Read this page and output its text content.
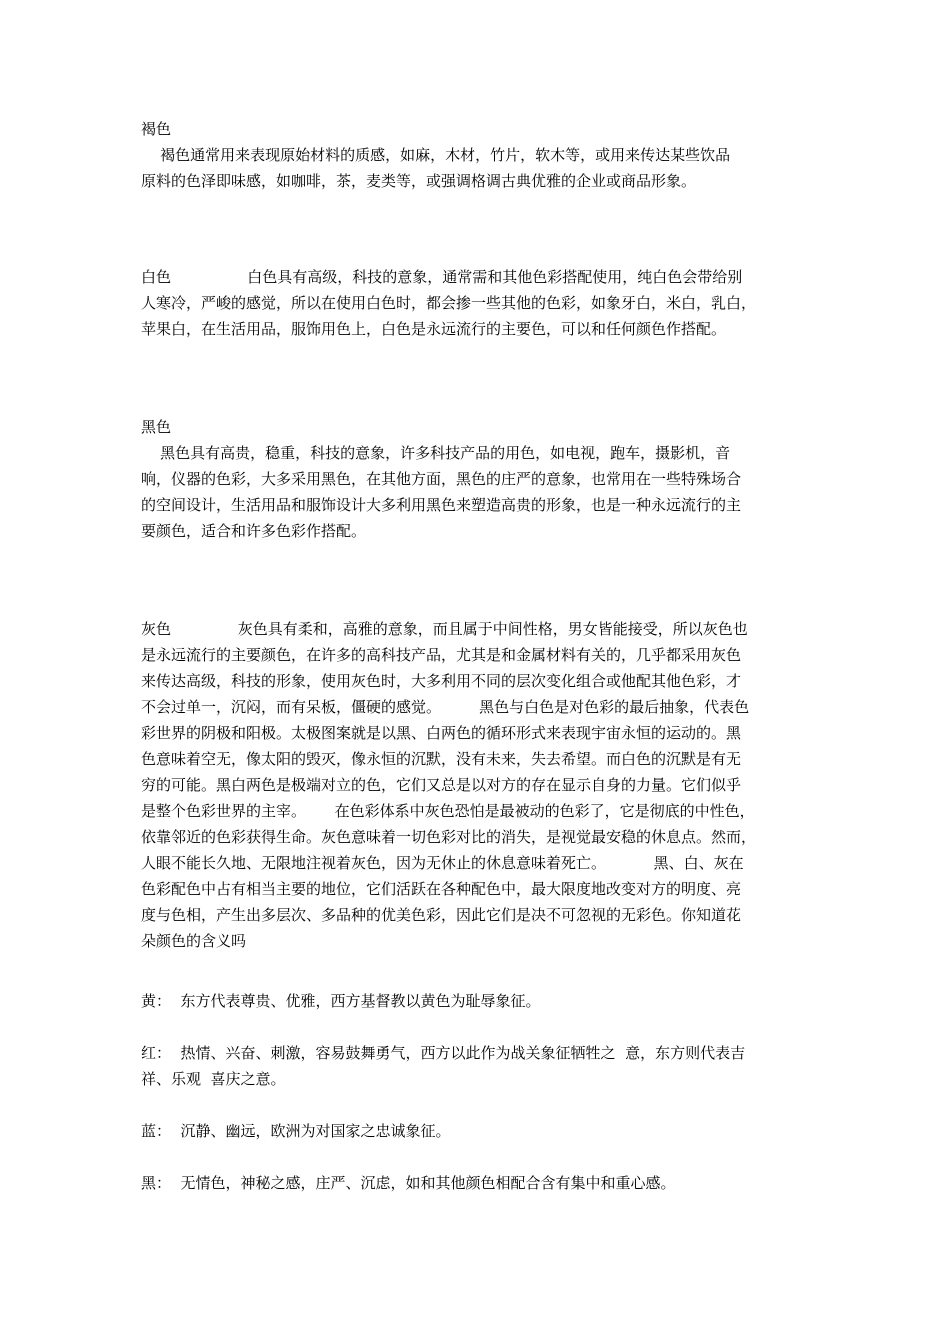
褐色
褐色通常用来表现原始材料的质感，如麻，木材，竹片，软木等，或用来传达某些饮品
原料的色泽即味感，如咖啡，茶，麦类等，或强调格调古典优雅的企业或商品形象。
白色                白色具有高级，科技的意象，通常需和其他色彩搭配使用，纯白色会带给别
人寒冷，严峻的感觉，所以在使用白色时，都会掺一些其他的色彩，如象牙白，米白，乳白，
苹果白，在生活用品，服饰用色上，白色是永远流行的主要色，可以和任何颜色作搭配。
黑色
黑色具有高贵，稳重，科技的意象，许多科技产品的用色，如电视，跑车，摄影机，音
响，仪器的色彩，大多采用黑色，在其他方面，黑色的庄严的意象，也常用在一些特殊场合
的空间设计，生活用品和服饰设计大多利用黑色来塑造高贵的形象，也是一种永远流行的主
要颜色，适合和许多色彩作搭配。
灰色              灰色具有柔和，高雅的意象，而且属于中间性格，男女皆能接受，所以灰色也
是永远流行的主要颜色，在许多的高科技产品，尤其是和金属材料有关的，几乎都采用灰色
来传达高级，科技的形象，使用灰色时，大多利用不同的层次变化组合或他配其他色彩，才
不会过单一，沉闷，而有呆板，僵硬的感觉。        黑色与白色是对色彩的最后抽象，代表色
彩世界的阴极和阳极。太极图案就是以黑、白两色的循环形式来表现宇宙永恒的运动的。黑
色意味着空无，像太阳的毁灭，像永恒的沉默，没有未来，失去希望。而白色的沉默是有无
穷的可能。黑白两色是极端对立的色，它们又总是以对方的存在显示自身的力量。它们似乎
是整个色彩世界的主宰。      在色彩体系中灰色恐怕是最被动的色彩了，它是彻底的中性色，
依靠邻近的色彩获得生命。灰色意味着一切色彩对比的消失，是视觉最安稳的休息点。然而，
人眼不能长久地、无限地注视着灰色，因为无休止的休息意味着死亡。          黑、白、灰在
色彩配色中占有相当主要的地位，它们活跃在各种配色中，最大限度地改变对方的明度、亮
度与色相，产生出多层次、多品种的优美色彩，因此它们是决不可忽视的无彩色。你知道花
朵颜色的含义吗
黄：  东方代表尊贵、优雅，西方基督教以黄色为耻辱象征。
红：  热情、兴奋、刺激，容易鼓舞勇气，西方以此作为战关象征牺牲之  意，东方则代表吉
祥、乐观  喜庆之意。
蓝：  沉静、幽远，欧洲为对国家之忠诚象征。
黑：  无情色，神秘之感，庄严、沉虑，如和其他颜色相配合含有集中和重心感。
